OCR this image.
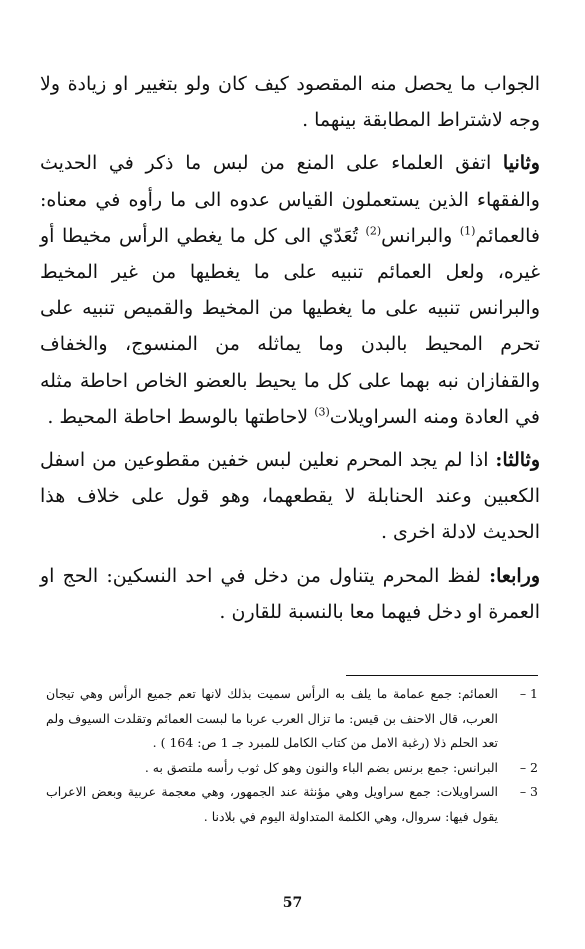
الجواب ما يحصل منه المقصود كيف كان ولو بتغيير او زيادة ولا وجه لاشتراط المطابقة بينهما .

وثانيا اتفق العلماء على المنع من لبس ما ذكر في الحديث والفقهاء الذين يستعملون القياس عدوه الى ما رأوه في معناه: فالعمائم$^{(1)}$ والبرانس$^{(2)}$ تُعَدّي الى كل ما يغطي الرأس مخيطا أو غيره، ولعل العمائم تنبيه على ما يغطيها من غير المخيط والبرانس تنبيه على ما يغطيها من المخيط والقميص تنبيه على تحرم المحيط بالبدن وما يماثله من المنسوج، والخفاف والقفازان نبه بهما على كل ما يحيط بالعضو الخاص احاطة مثله في العادة ومنه السراويلات$^{(3)}$ لاحاطتها بالوسط احاطة المحيط .

وثالثا: اذا لم يجد المحرم نعلين لبس خفين مقطوعين من اسفل الكعبين وعند الحنابلة لا يقطعهما، وهو قول على خلاف هذا الحديث لادلة اخرى .

ورابعا: لفظ المحرم يتناول من دخل في احد النسكين: الحج او العمرة او دخل فيهما معا بالنسبة للقارن .

1 –
العمائم: جمع عمامة ما يلف به الرأس سميت بذلك لانها تعم جميع الرأس وهي تيجان العرب، قال الاحنف بن قيس: ما تزال العرب عربا ما لبست العمائم وتقلدت السيوف ولم تعد الحلم ذلا (رغبة الامل من كتاب الكامل للمبرد جـ 1 ص: 164 ) .
2 –
البرانس: جمع برنس بضم الباء والنون وهو كل ثوب رأسه ملتصق به .
3 –
السراويلات: جمع سراويل وهي مؤنثة عند الجمهور، وهي معجمة عربية وبعض الاعراب يقول فيها: سروال، وهي الكلمة المتداولة اليوم في بلادنا .
57
